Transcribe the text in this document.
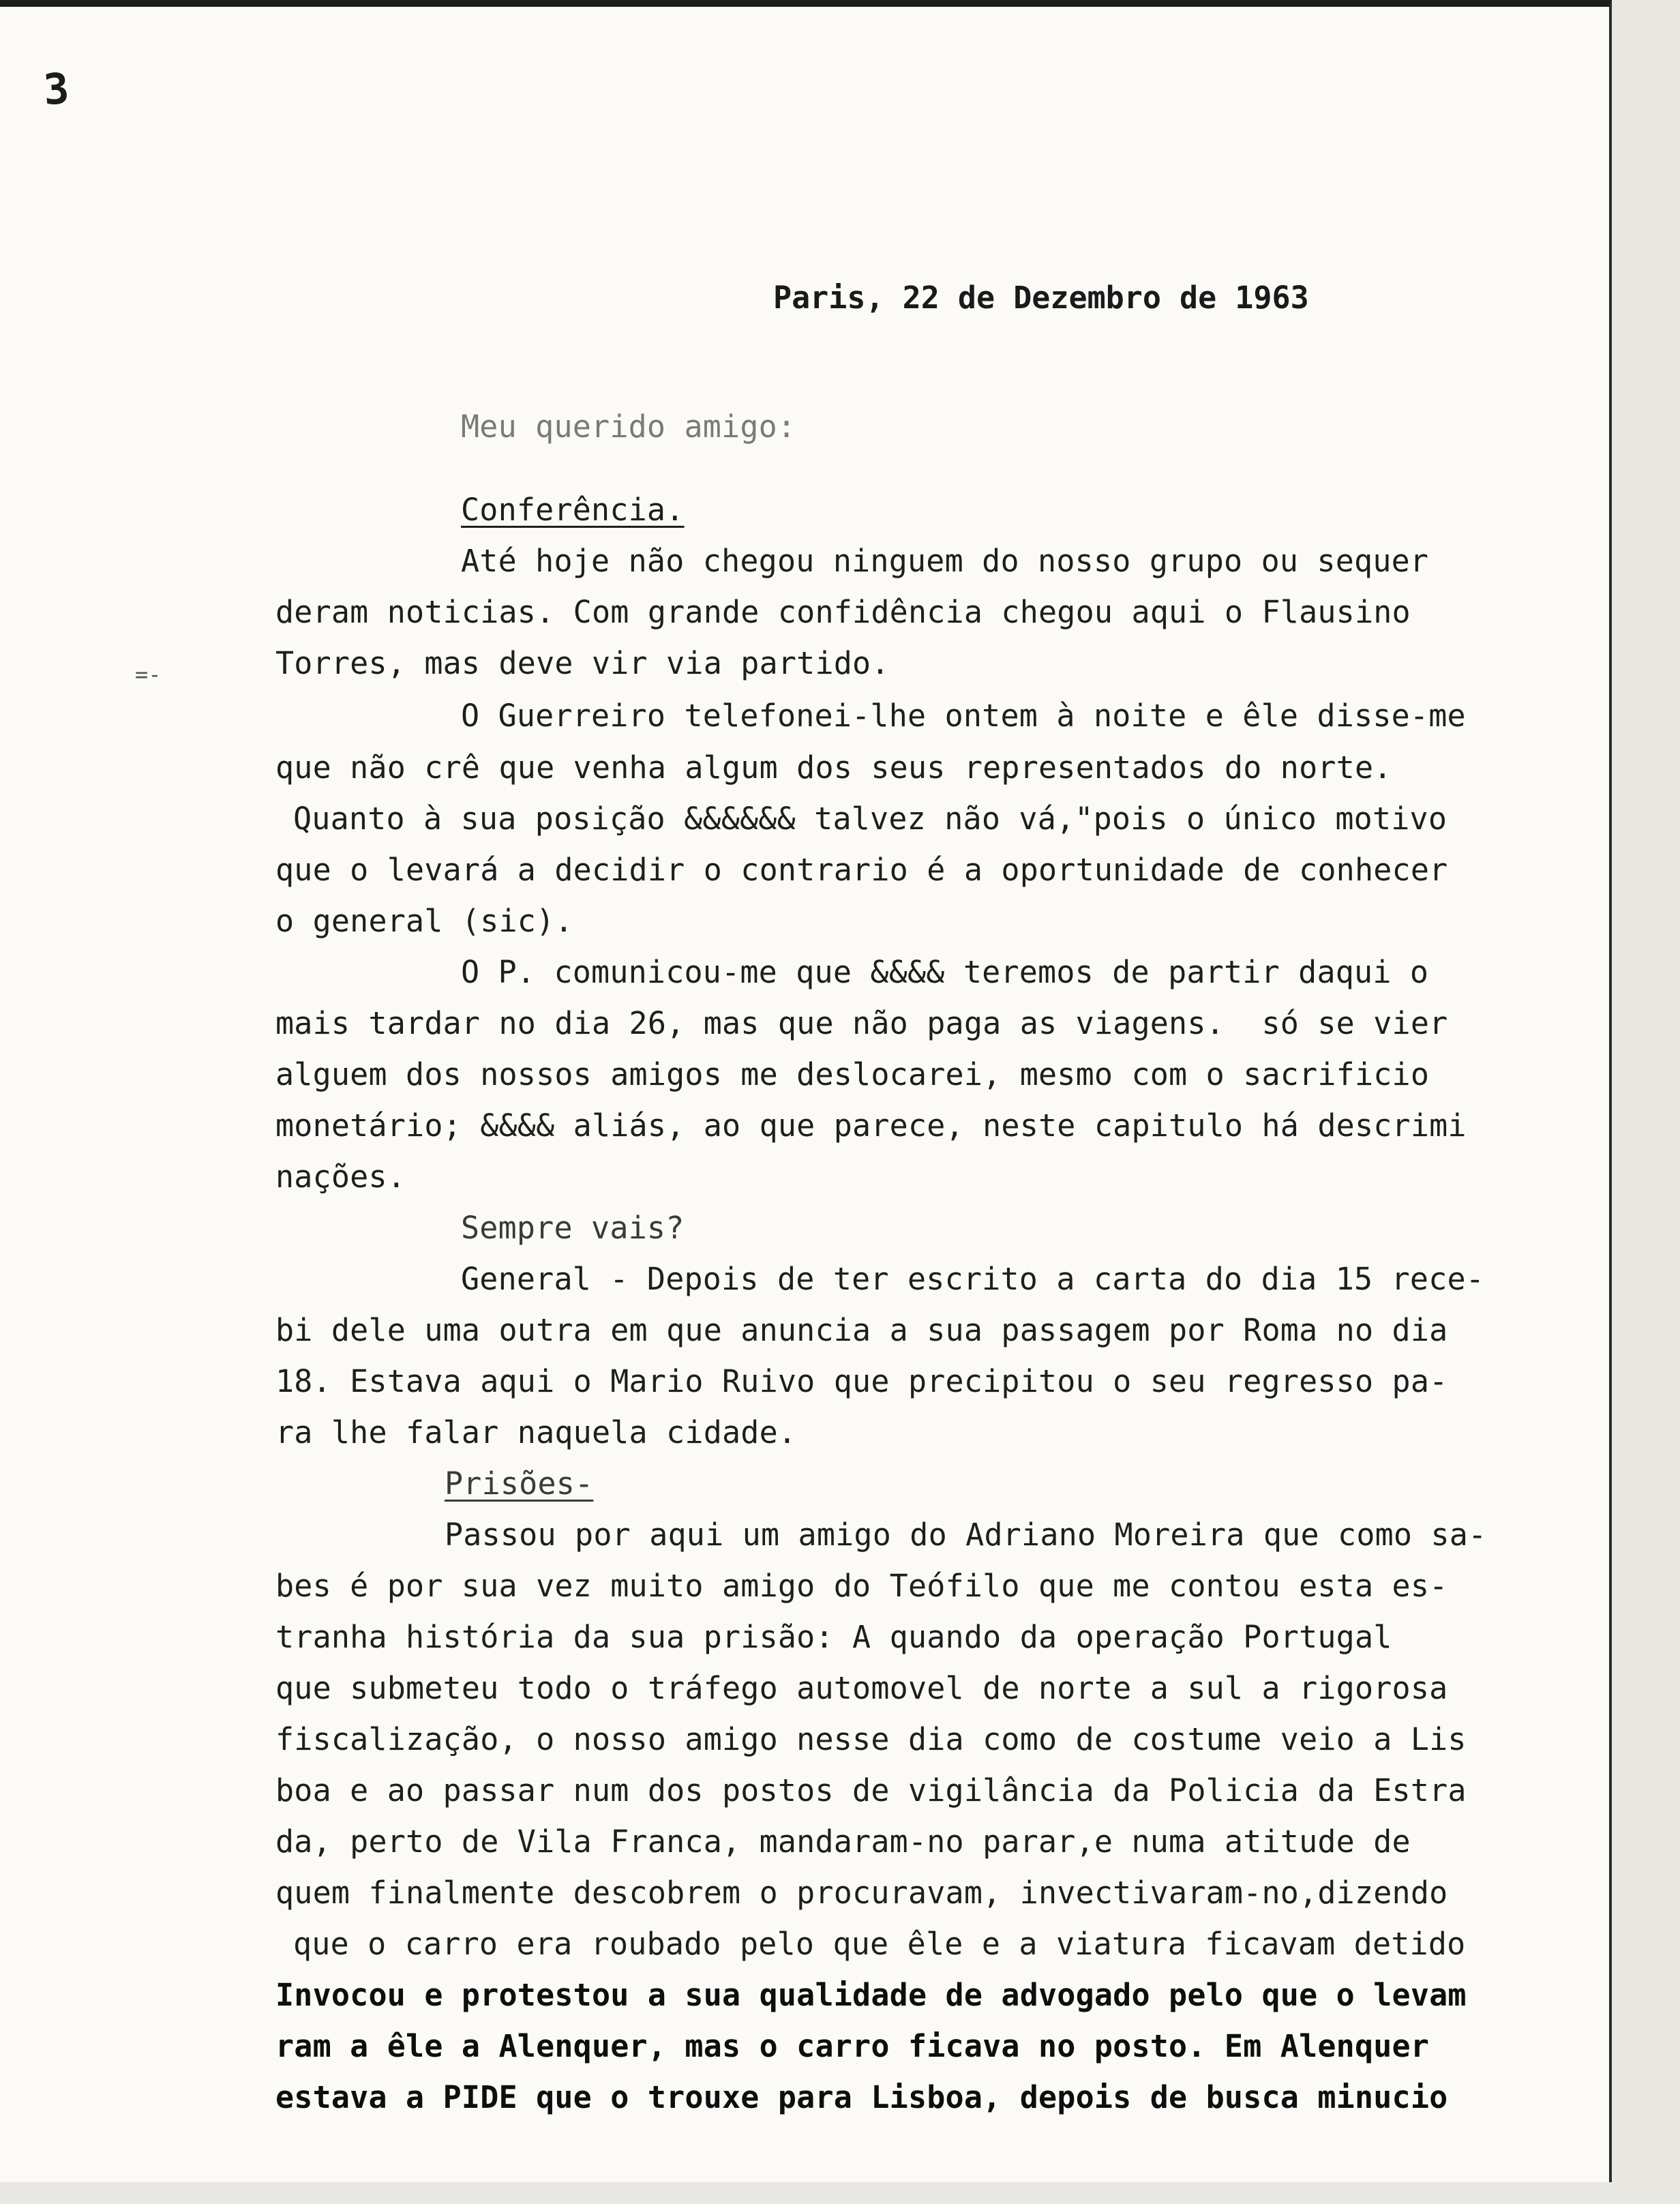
3
=-
Paris, 22 de Dezembro de 1963
Meu querido amigo:
Conferência.
Até hoje não chegou ninguem do nosso grupo ou sequer
deram noticias. Com grande confidência chegou aqui o Flausino
Torres, mas deve vir via partido.
O Guerreiro telefonei-lhe ontem à noite e êle disse-me
que não crê que venha algum dos seus representados do norte.
Quanto à sua posição &&&&&& talvez não vá,"pois o único motivo
que o levará a decidir o contrario é a oportunidade de conhecer
o general (sic).
O P. comunicou-me que &&&& teremos de partir daqui o
mais tardar no dia 26, mas que não paga as viagens.  só se vier
alguem dos nossos amigos me deslocarei, mesmo com o sacrificio
monetário; &&&& aliás, ao que parece, neste capitulo há descrimi
nações.
Sempre vais?
General - Depois de ter escrito a carta do dia 15 rece-
bi dele uma outra em que anuncia a sua passagem por Roma no dia
18. Estava aqui o Mario Ruivo que precipitou o seu regresso pa-
ra lhe falar naquela cidade.
Prisões-
Passou por aqui um amigo do Adriano Moreira que como sa-
bes é por sua vez muito amigo do Teófilo que me contou esta es-
tranha história da sua prisão: A quando da operação Portugal
que submeteu todo o tráfego automovel de norte a sul a rigorosa
fiscalização, o nosso amigo nesse dia como de costume veio a Lis
boa e ao passar num dos postos de vigilância da Policia da Estra
da, perto de Vila Franca, mandaram-no parar,e numa atitude de
quem finalmente descobrem o procuravam, invectivaram-no,dizendo
que o carro era roubado pelo que êle e a viatura ficavam detido
Invocou e protestou a sua qualidade de advogado pelo que o levam
ram a êle a Alenquer, mas o carro ficava no posto. Em Alenquer
estava a PIDE que o trouxe para Lisboa, depois de busca minucio
